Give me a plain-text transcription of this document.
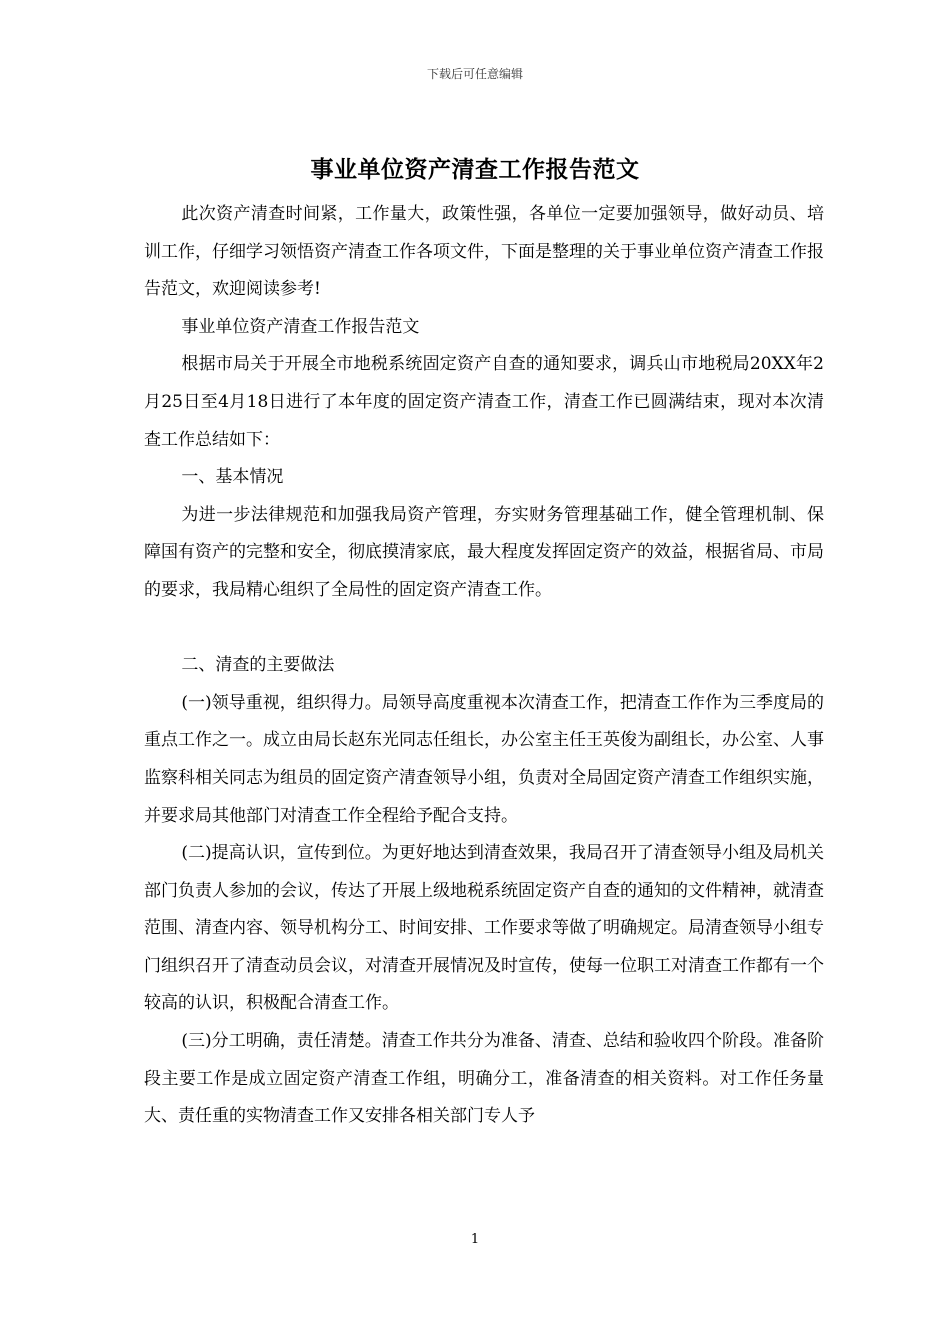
下载后可任意编辑
事业单位资产清查工作报告范文

此次资产清查时间紧，工作量大，政策性强，各单位一定要加强领导，做好动员、培训工作，仔细学习领悟资产清查工作各项文件，下面是整理的关于事业单位资产清查工作报告范文，欢迎阅读参考!

事业单位资产清查工作报告范文

根据市局关于开展全市地税系统固定资产自查的通知要求，调兵山市地税局20XX年2月25日至4月18日进行了本年度的固定资产清查工作，清查工作已圆满结束，现对本次清查工作总结如下：

一、基本情况

为进一步法律规范和加强我局资产管理，夯实财务管理基础工作，健全管理机制、保障国有资产的完整和安全，彻底摸清家底，最大程度发挥固定资产的效益，根据省局、市局的要求，我局精心组织了全局性的固定资产清查工作。

二、清查的主要做法

(一)领导重视，组织得力。局领导高度重视本次清查工作，把清查工作作为三季度局的重点工作之一。成立由局长赵东光同志任组长，办公室主任王英俊为副组长，办公室、人事监察科相关同志为组员的固定资产清查领导小组，负责对全局固定资产清查工作组织实施，并要求局其他部门对清查工作全程给予配合支持。

(二)提高认识，宣传到位。为更好地达到清查效果，我局召开了清查领导小组及局机关部门负责人参加的会议，传达了开展上级地税系统固定资产自查的通知的文件精神，就清查范围、清查内容、领导机构分工、时间安排、工作要求等做了明确规定。局清查领导小组专门组织召开了清查动员会议，对清查开展情况及时宣传，使每一位职工对清查工作都有一个较高的认识，积极配合清查工作。

(三)分工明确，责任清楚。清查工作共分为准备、清查、总结和验收四个阶段。准备阶段主要工作是成立固定资产清查工作组，明确分工，准备清查的相关资料。对工作任务量大、责任重的实物清查工作又安排各相关部门专人予

1
